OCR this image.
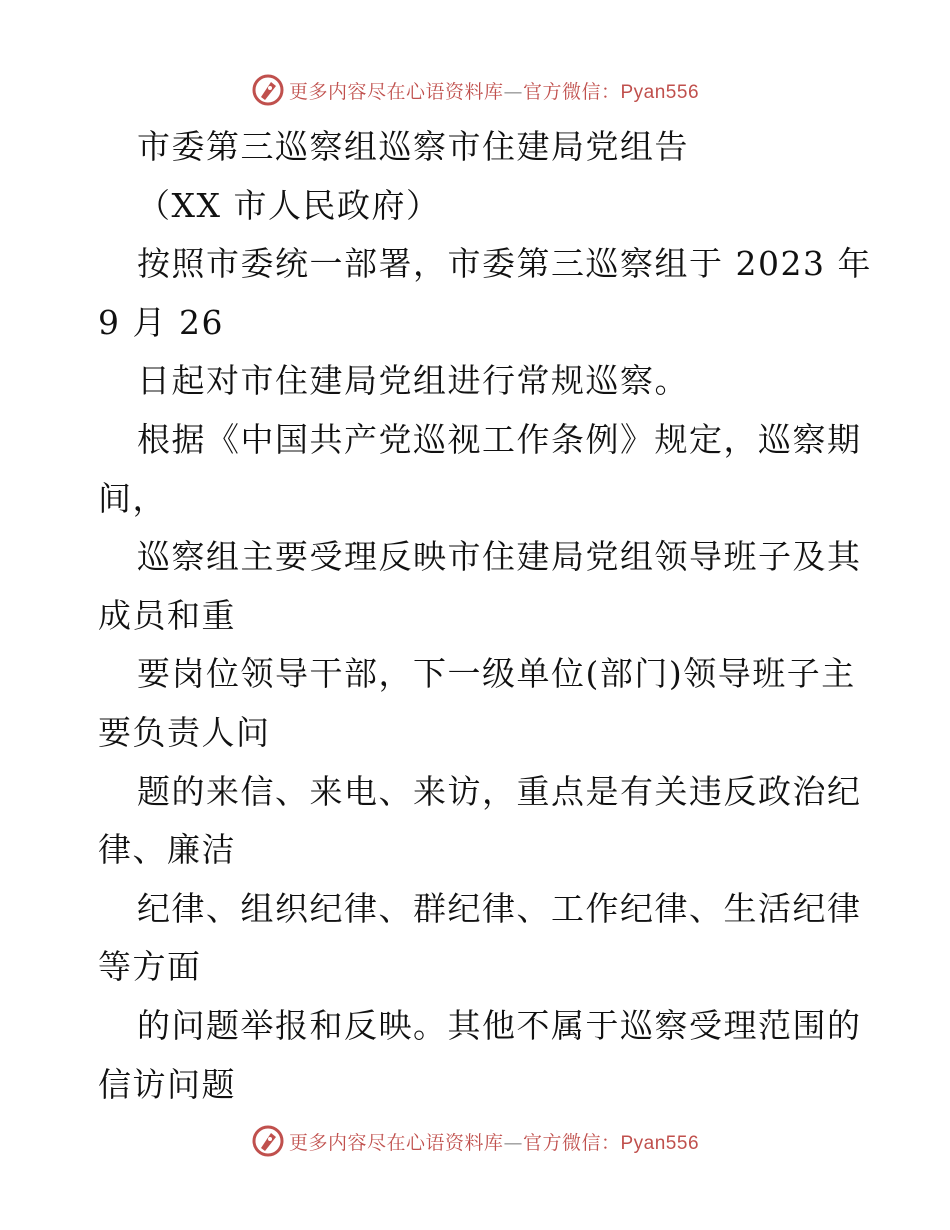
更多内容尽在心语资料库—官方微信：Pyan556
市委第三巡察组巡察市住建局党组告
（XX 市人民政府）
按照市委统一部署，市委第三巡察组于 2023 年
9 月 26
日起对市住建局党组进行常规巡察。
根据《中国共产党巡视工作条例》规定，巡察期
间，
巡察组主要受理反映市住建局党组领导班子及其
成员和重
要岗位领导干部，下一级单位(部门)领导班子主
要负责人问
题的来信、来电、来访，重点是有关违反政治纪
律、廉洁
纪律、组织纪律、群纪律、工作纪律、生活纪律
等方面
的问题举报和反映。其他不属于巡察受理范围的
信访问题
更多内容尽在心语资料库—官方微信：Pyan556
